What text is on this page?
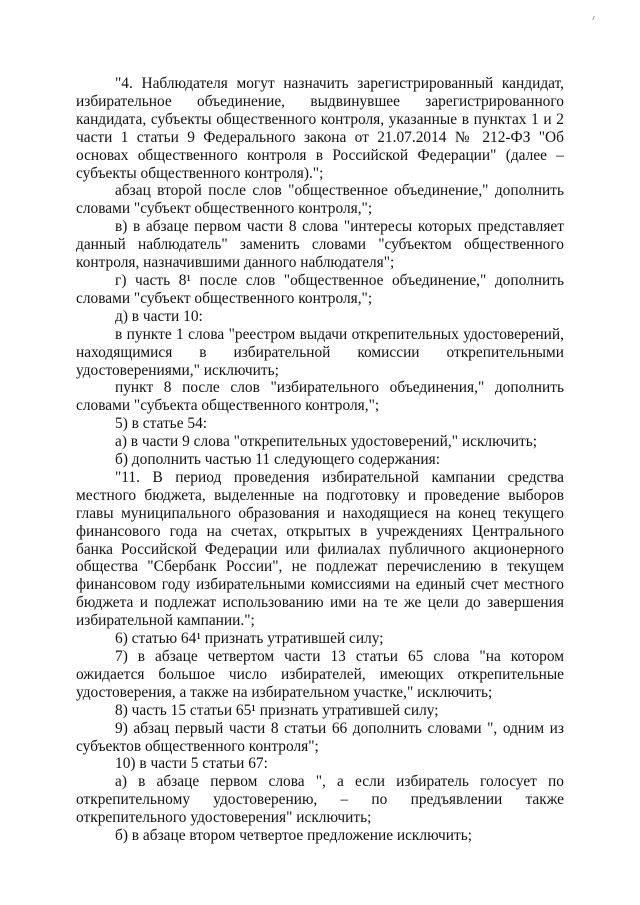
"4. Наблюдателя могут назначить зарегистрированный кандидат, избирательное объединение, выдвинувшее зарегистрированного кандидата, субъекты общественного контроля, указанные в пунктах 1 и 2 части 1 статьи 9 Федерального закона от 21.07.2014 № 212-ФЗ "Об основах общественного контроля в Российской Федерации" (далее – субъекты общественного контроля).";

абзац второй после слов "общественное объединение," дополнить словами "субъект общественного контроля,";

в) в абзаце первом части 8 слова "интересы которых представляет данный наблюдатель" заменить словами "субъектом общественного контроля, назначившими данного наблюдателя";

г) часть 8¹ после слов "общественное объединение," дополнить словами "субъект общественного контроля,";

д) в части 10:

в пункте 1 слова "реестром выдачи открепительных удостоверений, находящимися в избирательной комиссии открепительными удостоверениями," исключить;

пункт 8 после слов "избирательного объединения," дополнить словами "субъекта общественного контроля,";

5) в статье 54:

а) в части 9 слова "открепительных удостоверений," исключить;

б) дополнить частью 11 следующего содержания:

"11. В период проведения избирательной кампании средства местного бюджета, выделенные на подготовку и проведение выборов главы муниципального образования и находящиеся на конец текущего финансового года на счетах, открытых в учреждениях Центрального банка Российской Федерации или филиалах публичного акционерного общества "Сбербанк России", не подлежат перечислению в текущем финансовом году избирательными комиссиями на единый счет местного бюджета и подлежат использованию ими на те же цели до завершения избирательной кампании.";

6) статью 64¹ признать утратившей силу;

7) в абзаце четвертом части 13 статьи 65 слова "на котором ожидается большое число избирателей, имеющих открепительные удостоверения, а также на избирательном участке," исключить;

8) часть 15 статьи 65¹ признать утратившей силу;

9) абзац первый части 8 статьи 66 дополнить словами ", одним из субъектов общественного контроля";

10) в части 5 статьи 67:

а) в абзаце первом слова ", а если избиратель голосует по открепительному удостоверению, – по предъявлении также открепительного удостоверения" исключить;

б) в абзаце втором четвертое предложение исключить;
